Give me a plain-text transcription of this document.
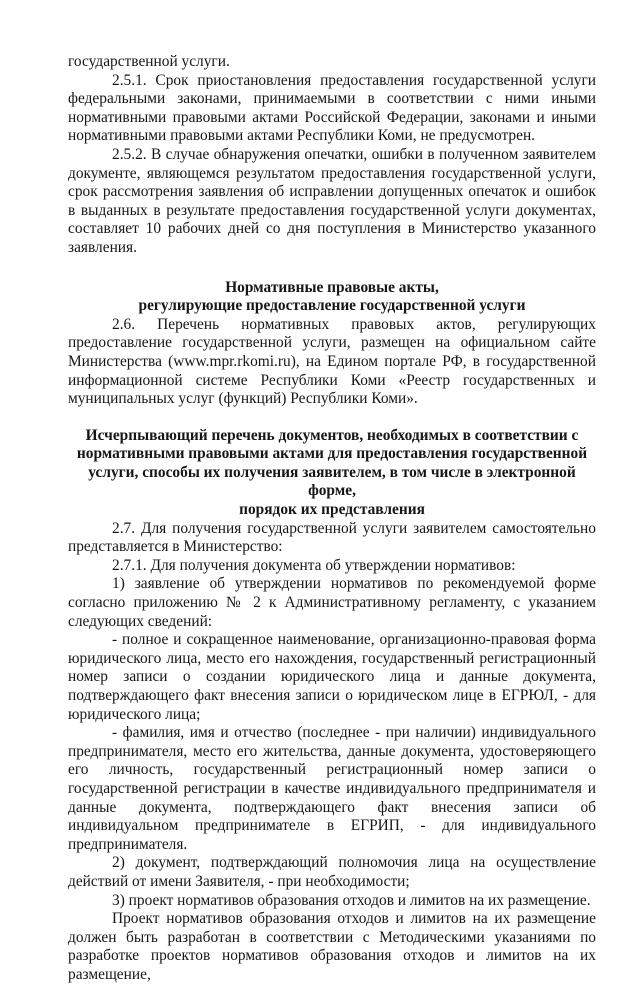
государственной услуги.

2.5.1. Срок приостановления предоставления государственной услуги федеральными законами, принимаемыми в соответствии с ними иными нормативными правовыми актами Российской Федерации, законами и иными нормативными правовыми актами Республики Коми, не предусмотрен.

2.5.2. В случае обнаружения опечатки, ошибки в полученном заявителем документе, являющемся результатом предоставления государственной услуги, срок рассмотрения заявления об исправлении допущенных опечаток и ошибок в выданных в результате предоставления государственной услуги документах, составляет 10 рабочих дней со дня поступления в Министерство указанного заявления.

Нормативные правовые акты,
регулирующие предоставление государственной услуги

2.6. Перечень нормативных правовых актов, регулирующих предоставление государственной услуги, размещен на официальном сайте Министерства (www.mpr.rkomi.ru), на Едином портале РФ, в государственной информационной системе Республики Коми «Реестр государственных и муниципальных услуг (функций) Республики Коми».

Исчерпывающий перечень документов, необходимых в соответствии с
нормативными правовыми актами для предоставления государственной
услуги, способы их получения заявителем, в том числе в электронной форме,
порядок их представления

2.7. Для получения государственной услуги заявителем самостоятельно представляется в Министерство:

2.7.1. Для получения документа об утверждении нормативов:

1) заявление об утверждении нормативов по рекомендуемой форме согласно приложению № 2 к Административному регламенту, с указанием следующих сведений:

- полное и сокращенное наименование, организационно-правовая форма юридического лица, место его нахождения, государственный регистрационный номер записи о создании юридического лица и данные документа, подтверждающего факт внесения записи о юридическом лице в ЕГРЮЛ, - для юридического лица;

- фамилия, имя и отчество (последнее - при наличии) индивидуального предпринимателя, место его жительства, данные документа, удостоверяющего его личность, государственный регистрационный номер записи о государственной регистрации в качестве индивидуального предпринимателя и данные документа, подтверждающего факт внесения записи об индивидуальном предпринимателе в ЕГРИП, - для индивидуального предпринимателя.

2) документ, подтверждающий полномочия лица на осуществление действий от имени Заявителя, - при необходимости;

3) проект нормативов образования отходов и лимитов на их размещение.

Проект нормативов образования отходов и лимитов на их размещение должен быть разработан в соответствии с Методическими указаниями по разработке проектов нормативов образования отходов и лимитов на их размещение,
